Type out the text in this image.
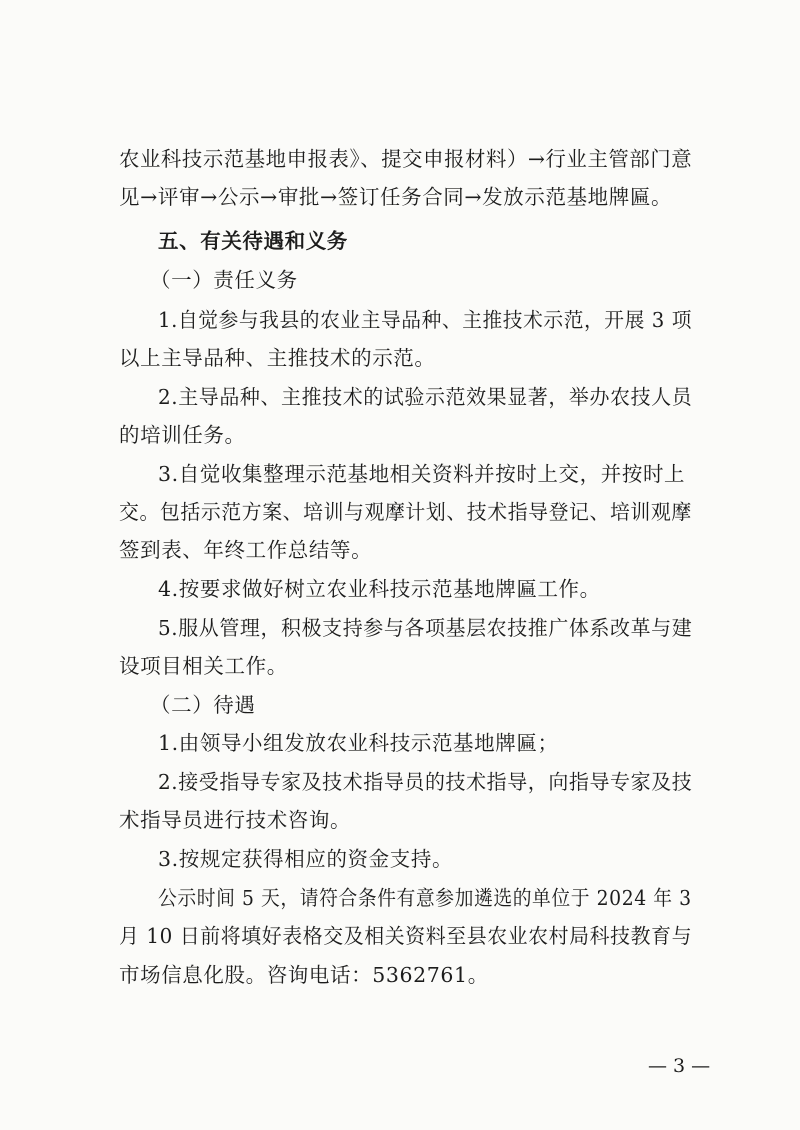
农业科技示范基地申报表》、提交申报材料）→行业主管部门意
见→评审→公示→审批→签订任务合同→发放示范基地牌匾。
五、有关待遇和义务
（一）责任义务
1.自觉参与我县的农业主导品种、主推技术示范，开展 3 项
以上主导品种、主推技术的示范。
2.主导品种、主推技术的试验示范效果显著，举办农技人员
的培训任务。
3.自觉收集整理示范基地相关资料并按时上交，并按时上
交。包括示范方案、培训与观摩计划、技术指导登记、培训观摩
签到表、年终工作总结等。
4.按要求做好树立农业科技示范基地牌匾工作。
5.服从管理，积极支持参与各项基层农技推广体系改革与建
设项目相关工作。
（二）待遇
1.由领导小组发放农业科技示范基地牌匾；
2.接受指导专家及技术指导员的技术指导，向指导专家及技
术指导员进行技术咨询。
3.按规定获得相应的资金支持。
公示时间 5 天，请符合条件有意参加遴选的单位于 2024 年 3
月 10 日前将填好表格交及相关资料至县农业农村局科技教育与
市场信息化股。咨询电话：5362761。
— 3 —
